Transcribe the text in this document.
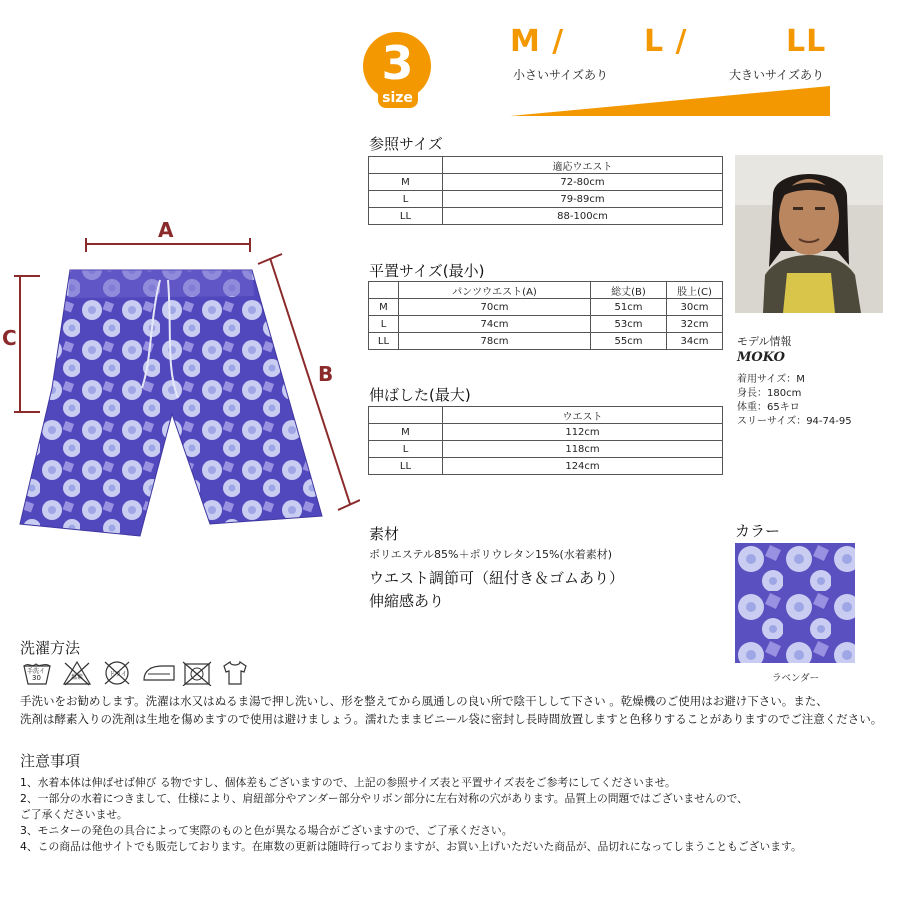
3
size
M /	L /	LL
小さいサイズあり	大きいサイズあり
A
C
B
参照サイズ
	適応ウエスト
M	72-80cm
L	79-89cm
LL	88-100cm
平置サイズ(最小)
	パンツウエスト(A)	総丈(B)	股上(C)
M	70cm	51cm	30cm
L	74cm	53cm	32cm
LL	78cm	55cm	34cm
伸ばした(最大)
	ウエスト
M	112cm
L	118cm
LL	124cm
モデル情報
MOKO
着用サイズ：M
身長：180cm
体重：65キロ
スリーサイズ：94-74-95
素材
ポリエステル85%＋ポリウレタン15%(水着素材)
ウエスト調節可（紐付き＆ゴムあり）
伸縮感あり
カラー
ラベンダー
洗濯方法
手洗イ
30	塩素	ドライ
手洗いをお勧めします。洗濯は水又はぬるま湯で押し洗いし、形を整えてから風通しの良い所で陰干しして下さい 。乾燥機のご使用はお避け下さい。また、
洗剤は酵素入りの洗剤は生地を傷めますので使用は避けましょう。濡れたままビニール袋に密封し長時間放置しますと色移りすることがありますのでご注意ください。
注意事項
1、水着本体は伸ばせば伸び る物ですし、個体差もございますので、上記の参照サイズ表と平置サイズ表をご参考にしてくださいませ。
2、一部分の水着につきまして、仕様により、肩紐部分やアンダー部分やリボン部分に左右対称の穴があります。品質上の問題ではございませんので、
ご了承くださいませ。
3、モニターの発色の具合によって実際のものと色が異なる場合がございますので、ご了承ください。
4、この商品は他サイトでも販売しております。在庫数の更新は随時行っておりますが、お買い上げいただいた商品が、品切れになってしまうこともございます。
